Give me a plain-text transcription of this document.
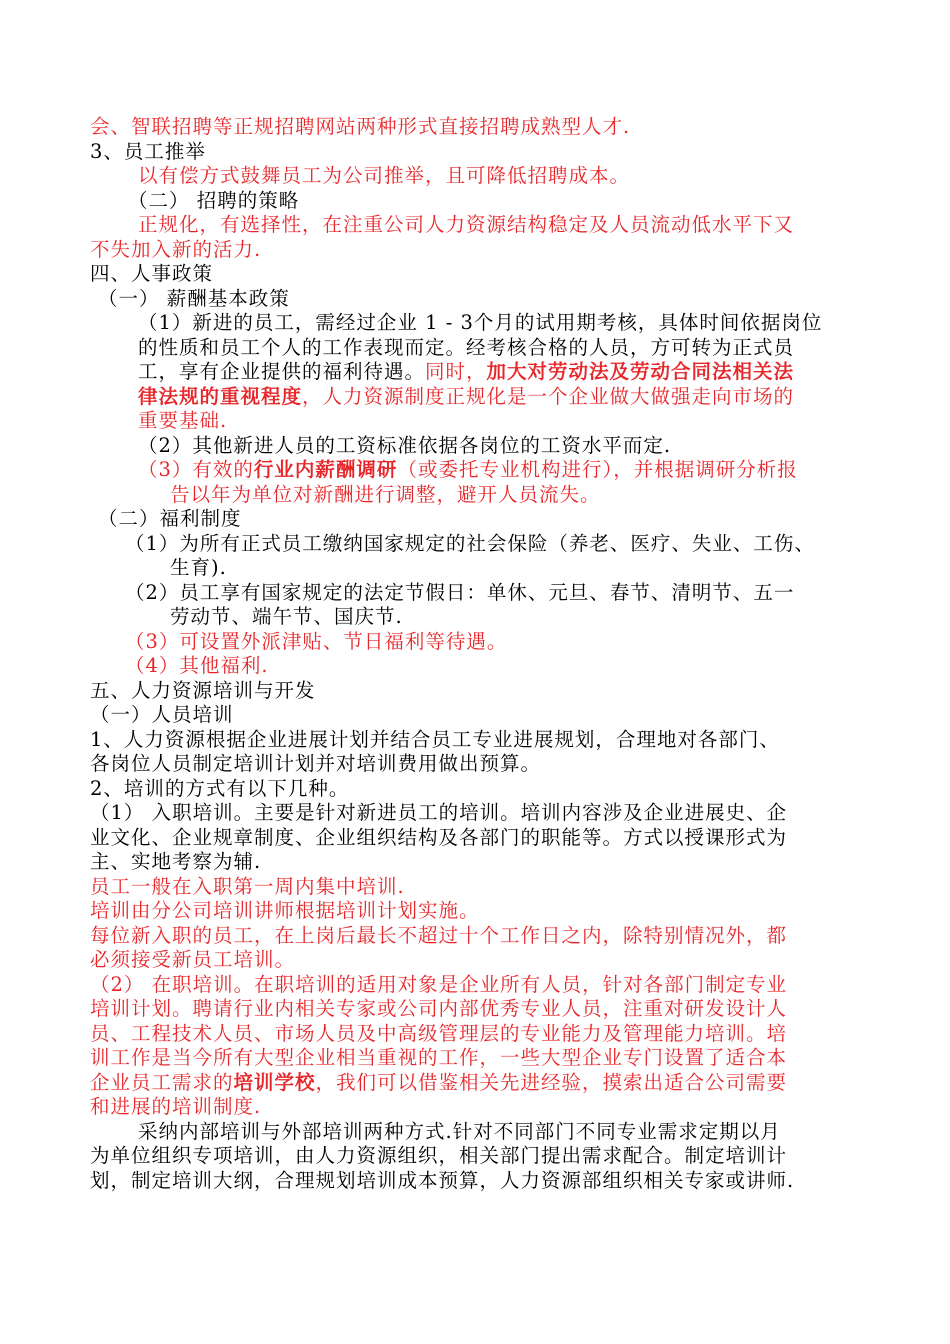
会、智联招聘等正规招聘网站两种形式直接招聘成熟型人才.
3、员工推举
以有偿方式鼓舞员工为公司推举，且可降低招聘成本。
（二） 招聘的策略
正规化，有选择性，在注重公司人力资源结构稳定及人员流动低水平下又
不失加入新的活力.
四、人事政策
（一） 薪酬基本政策
（1）新进的员工，需经过企业 1 - 3个月的试用期考核，具体时间依据岗位
的性质和员工个人的工作表现而定。经考核合格的人员，方可转为正式员
工，享有企业提供的福利待遇。同时，加大对劳动法及劳动合同法相关法
律法规的重视程度，人力资源制度正规化是一个企业做大做强走向市场的
重要基础.
（2）其他新进人员的工资标准依据各岗位的工资水平而定.
（3）有效的行业内薪酬调研（或委托专业机构进行），并根据调研分析报
告以年为单位对新酬进行调整，避开人员流失。
（二）福利制度
（1）为所有正式员工缴纳国家规定的社会保险（养老、医疗、失业、工伤、
生育).
（2）员工享有国家规定的法定节假日：单休、元旦、春节、清明节、五一
劳动节、端午节、国庆节.
（3）可设置外派津贴、节日福利等待遇。
（4）其他福利.
五、人力资源培训与开发
（一）人员培训
1、人力资源根据企业进展计划并结合员工专业进展规划，合理地对各部门、
各岗位人员制定培训计划并对培训费用做出预算。
2、培训的方式有以下几种。
（1） 入职培训。主要是针对新进员工的培训。培训内容涉及企业进展史、企
业文化、企业规章制度、企业组织结构及各部门的职能等。方式以授课形式为
主、实地考察为辅.
员工一般在入职第一周内集中培训.
培训由分公司培训讲师根据培训计划实施。
每位新入职的员工，在上岗后最长不超过十个工作日之内，除特别情况外，都
必须接受新员工培训。
（2） 在职培训。在职培训的适用对象是企业所有人员，针对各部门制定专业
培训计划。聘请行业内相关专家或公司内部优秀专业人员，注重对研发设计人
员、工程技术人员、市场人员及中高级管理层的专业能力及管理能力培训。培
训工作是当今所有大型企业相当重视的工作，一些大型企业专门设置了适合本
企业员工需求的培训学校，我们可以借鉴相关先进经验，摸索出适合公司需要
和进展的培训制度.
采纳内部培训与外部培训两种方式.针对不同部门不同专业需求定期以月
为单位组织专项培训，由人力资源组织，相关部门提出需求配合。制定培训计
划，制定培训大纲，合理规划培训成本预算，人力资源部组织相关专家或讲师.
